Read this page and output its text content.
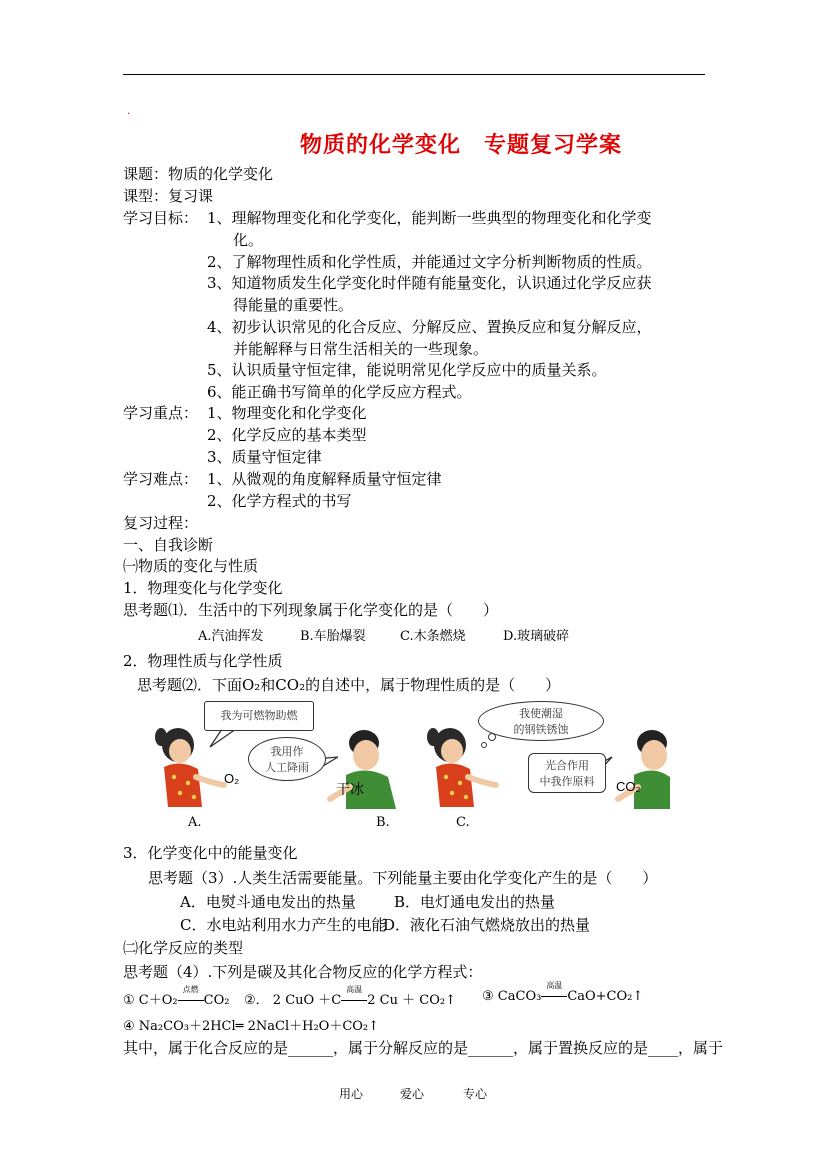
.
物质的化学变化　专题复习学案
课题：物质的化学变化
课型：复习课
学习目标： 1、理解物理变化和化学变化，能判断一些典型的物理变化和化学变
化。
2、了解物理性质和化学性质，并能通过文字分析判断物质的性质。
3、知道物质发生化学变化时伴随有能量变化，认识通过化学反应获
得能量的重要性。
4、初步认识常见的化合反应、分解反应、置换反应和复分解反应，
并能解释与日常生活相关的一些现象。
5、认识质量守恒定律，能说明常见化学反应中的质量关系。
6、能正确书写简单的化学反应方程式。
学习重点： 1、物理变化和化学变化
2、化学反应的基本类型
3、质量守恒定律
学习难点： 1、从微观的角度解释质量守恒定律
2、化学方程式的书写
复习过程：
一、自我诊断
㈠物质的变化与性质
1．物理变化与化学变化
思考题⑴．生活中的下列现象属于化学变化的是（　　）
A.汽油挥发	B.车胎爆裂	C.木条燃烧	D.玻璃破碎
2．物理性质与化学性质
思考题⑵．下面O₂和CO₂的自述中，属于物理性质的是（　　）
我为可燃物助燃
我用作
人工降雨
我使潮湿
的钢铁锈蚀
光合作用
中我作原料
O₂
干冰	CO₂
A.	B.	C.
3．化学变化中的能量变化
思考题（3）.人类生活需要能量。下列能量主要由化学变化产生的是（　　）
A．电熨斗通电发出的热量	B．电灯通电发出的热量
C．水电站利用水力产生的电能
D．液化石油气燃烧放出的热量
㈡化学反应的类型
思考题（4）.下列是碳及其化合物反应的化学方程式：
① C＋O₂
点燃
CO₂ ②． 2 CuO ＋C
高温
2 Cu ＋ CO₂↑ ③ CaCO₃
高温
CaO+CO₂↑
④ Na₂CO₃＋2HCl═ 2NaCl＋H₂O＋CO₂↑
其中，属于化合反应的是______，属于分解反应的是______，属于置换反应的是____，属于
用心	爱心	专心
